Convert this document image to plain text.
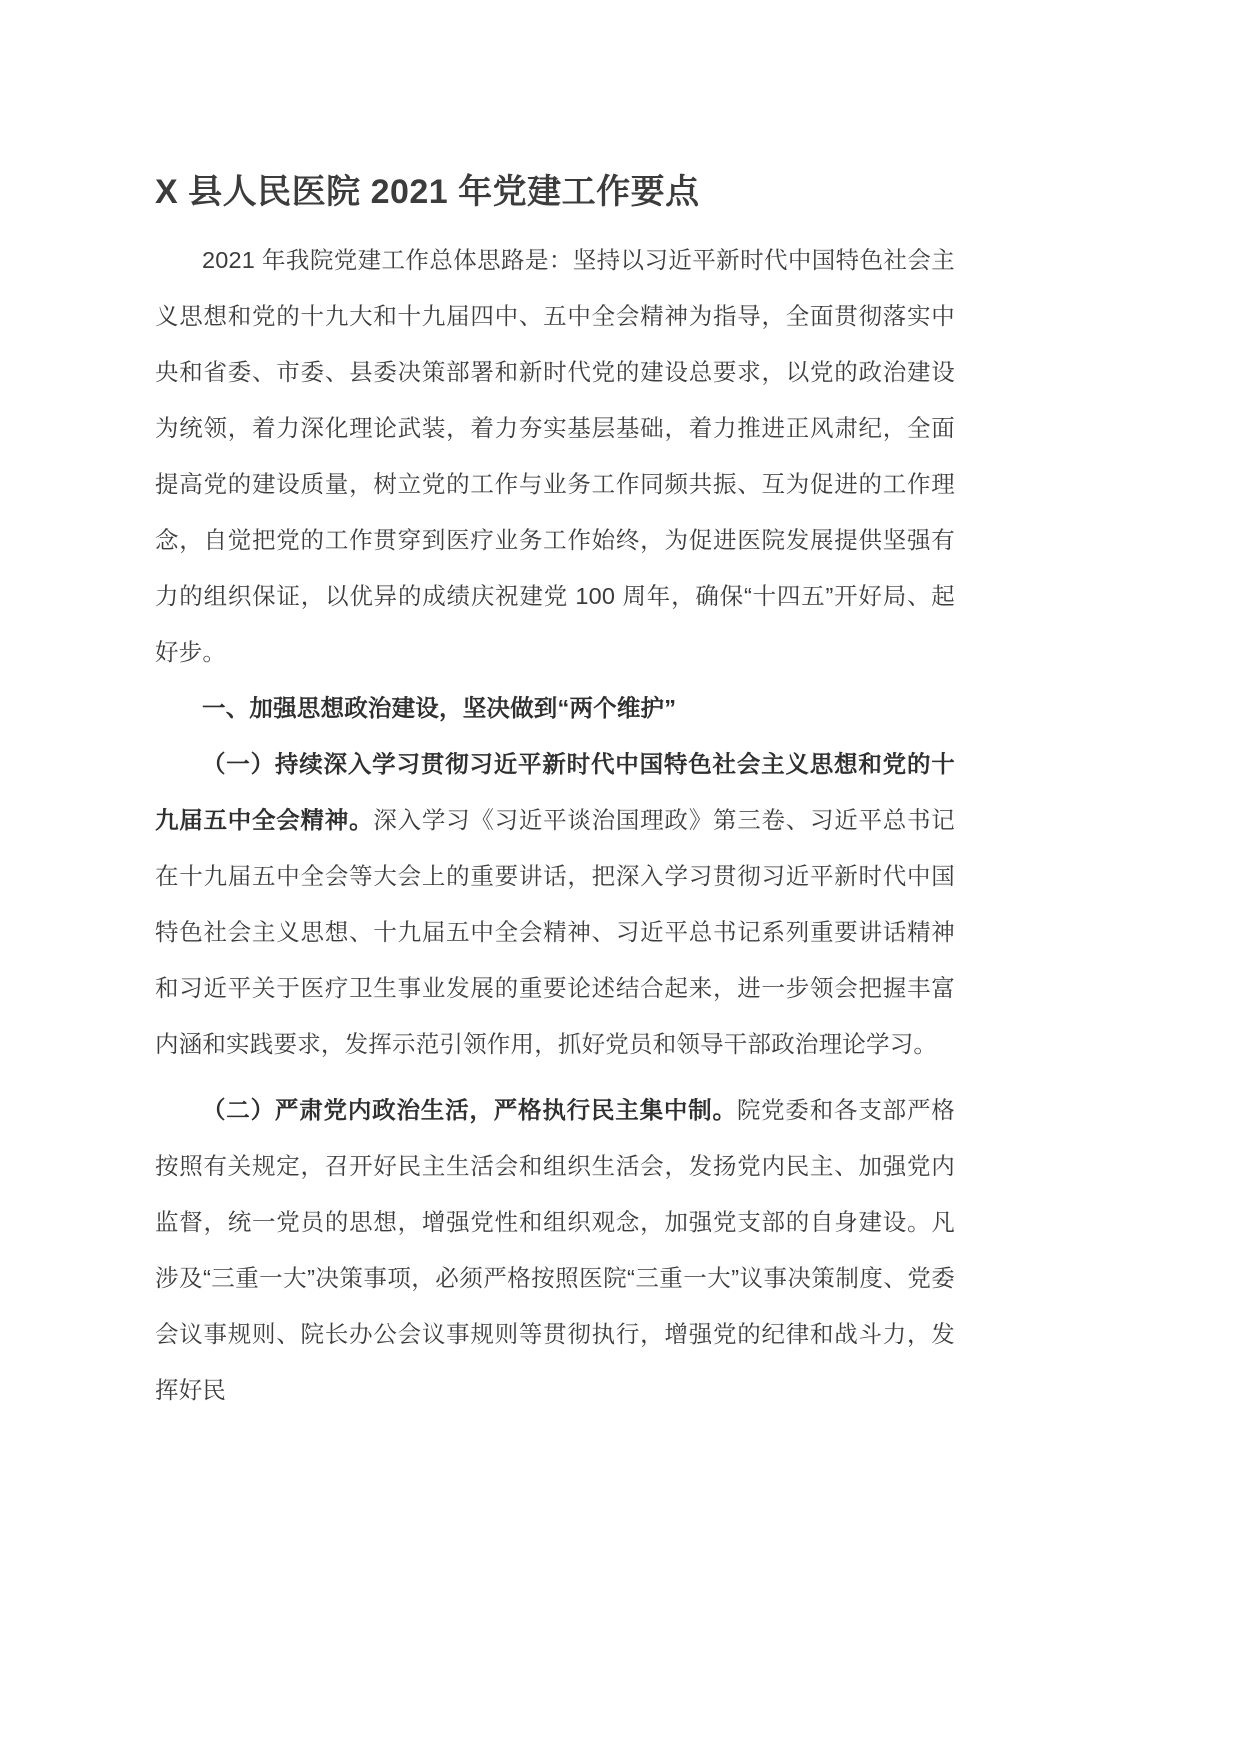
X 县人民医院 2021 年党建工作要点

2021 年我院党建工作总体思路是：坚持以习近平新时代中国特色社会主义思想和党的十九大和十九届四中、五中全会精神为指导，全面贯彻落实中央和省委、市委、县委决策部署和新时代党的建设总要求，以党的政治建设为统领，着力深化理论武装，着力夯实基层基础，着力推进正风肃纪，全面提高党的建设质量，树立党的工作与业务工作同频共振、互为促进的工作理念，自觉把党的工作贯穿到医疗业务工作始终，为促进医院发展提供坚强有力的组织保证，以优异的成绩庆祝建党 100 周年，确保“十四五”开好局、起好步。

一、加强思想政治建设，坚决做到“两个维护”

（一）持续深入学习贯彻习近平新时代中国特色社会主义思想和党的十九届五中全会精神。深入学习《习近平谈治国理政》第三卷、习近平总书记在十九届五中全会等大会上的重要讲话，把深入学习贯彻习近平新时代中国特色社会主义思想、十九届五中全会精神、习近平总书记系列重要讲话精神和习近平关于医疗卫生事业发展的重要论述结合起来，进一步领会把握丰富内涵和实践要求，发挥示范引领作用，抓好党员和领导干部政治理论学习。

（二）严肃党内政治生活，严格执行民主集中制。院党委和各支部严格按照有关规定，召开好民主生活会和组织生活会，发扬党内民主、加强党内监督，统一党员的思想，增强党性和组织观念，加强党支部的自身建设。凡涉及“三重一大”决策事项，必须严格按照医院“三重一大”议事决策制度、党委会议事规则、院长办公会议事规则等贯彻执行，增强党的纪律和战斗力，发挥好民
